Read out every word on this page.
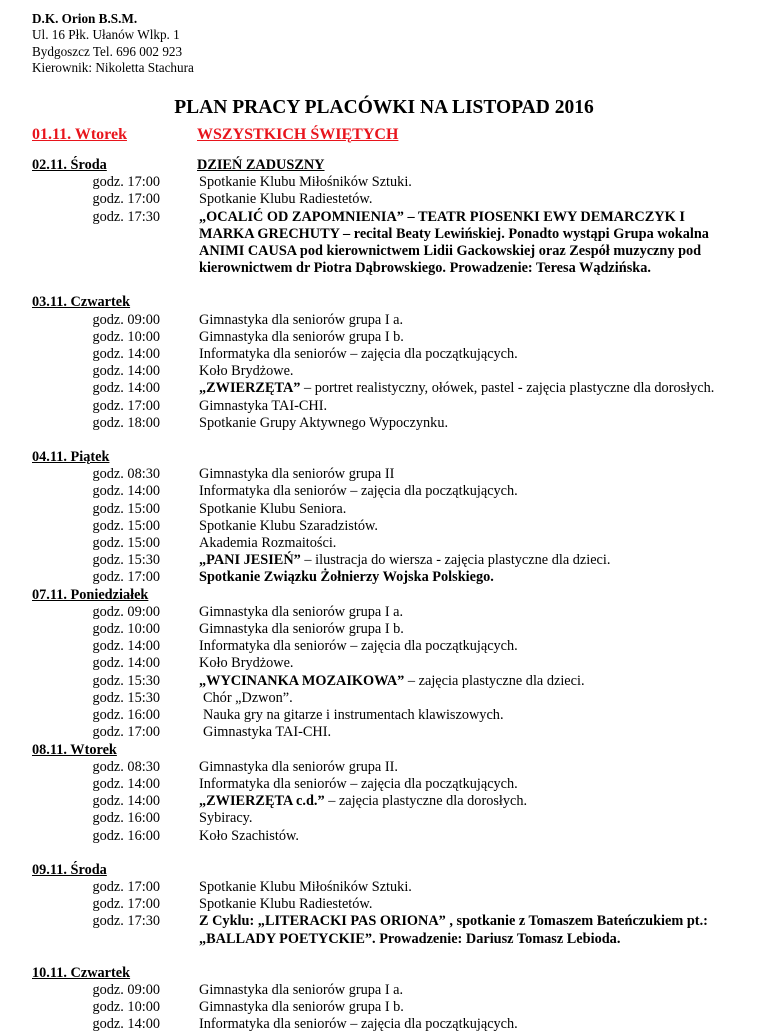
D.K. Orion B.S.M.
Ul. 16 Płk. Ułanów Wlkp. 1
Bydgoszcz Tel. 696 002 923
Kierownik: Nikoletta Stachura
PLAN PRACY PLACÓWKI NA LISTOPAD 2016
01.11. Wtorek	WSZYSTKICH ŚWIĘTYCH
02.11. Środa	DZIEŃ ZADUSZNY
godz. 17:00	Spotkanie Klubu Miłośników Sztuki.
godz. 17:00	Spotkanie Klubu Radiestetów.
godz. 17:30	„OCALIĆ OD ZAPOMNIENIA” – TEATR PIOSENKI EWY DEMARCZYK I MARKA GRECHUTY – recital Beaty Lewińskiej. Ponadto wystąpi Grupa wokalna ANIMI CAUSA pod kierownictwem Lidii Gackowskiej oraz Zespół muzyczny pod kierownictwem dr Piotra Dąbrowskiego. Prowadzenie: Teresa Wądzińska.
03.11. Czwartek
godz. 09:00	Gimnastyka dla seniorów grupa I a.
godz. 10:00	Gimnastyka dla seniorów grupa I b.
godz. 14:00	Informatyka dla seniorów – zajęcia dla początkujących.
godz. 14:00	Koło Brydżowe.
godz. 14:00	„ZWIERZĘTA” – portret realistyczny, ołówek, pastel - zajęcia plastyczne dla dorosłych.
godz. 17:00	Gimnastyka TAI-CHI.
godz. 18:00	Spotkanie Grupy Aktywnego Wypoczynku.
04.11. Piątek
godz. 08:30	Gimnastyka dla seniorów grupa II
godz. 14:00	Informatyka dla seniorów – zajęcia dla początkujących.
godz. 15:00	Spotkanie Klubu Seniora.
godz. 15:00	Spotkanie Klubu Szaradzistów.
godz. 15:00	Akademia Rozmaitości.
godz. 15:30	„PANI JESIEŃ” – ilustracja do wiersza - zajęcia plastyczne dla dzieci.
godz. 17:00	Spotkanie Związku Żołnierzy Wojska Polskiego.
07.11. Poniedziałek
godz. 09:00	Gimnastyka dla seniorów grupa I a.
godz. 10:00	Gimnastyka dla seniorów grupa I b.
godz. 14:00	Informatyka dla seniorów – zajęcia dla początkujących.
godz. 14:00	Koło Brydżowe.
godz. 15:30	„WYCINANKA MOZAIKOWA” – zajęcia plastyczne dla dzieci.
godz. 15:30	Chór „Dzwon”.
godz. 16:00	Nauka gry na gitarze i instrumentach klawiszowych.
godz. 17:00	Gimnastyka TAI-CHI.
08.11. Wtorek
godz. 08:30	Gimnastyka dla seniorów grupa II.
godz. 14:00	Informatyka dla seniorów – zajęcia dla początkujących.
godz. 14:00	„ZWIERZĘTA c.d.” – zajęcia plastyczne dla dorosłych.
godz. 16:00	Sybiracy.
godz. 16:00	Koło Szachistów.
09.11. Środa
godz. 17:00	Spotkanie Klubu Miłośników Sztuki.
godz. 17:00	Spotkanie Klubu Radiestetów.
godz. 17:30	Z Cyklu: „LITERACKI PAS ORIONA” , spotkanie z Tomaszem Bateńczukiem pt.: „BALLADY POETYCKIE”. Prowadzenie: Dariusz Tomasz Lebioda.
10.11. Czwartek
godz. 09:00	Gimnastyka dla seniorów grupa I a.
godz. 10:00	Gimnastyka dla seniorów grupa I b.
godz. 14:00	Informatyka dla seniorów – zajęcia dla początkujących.
